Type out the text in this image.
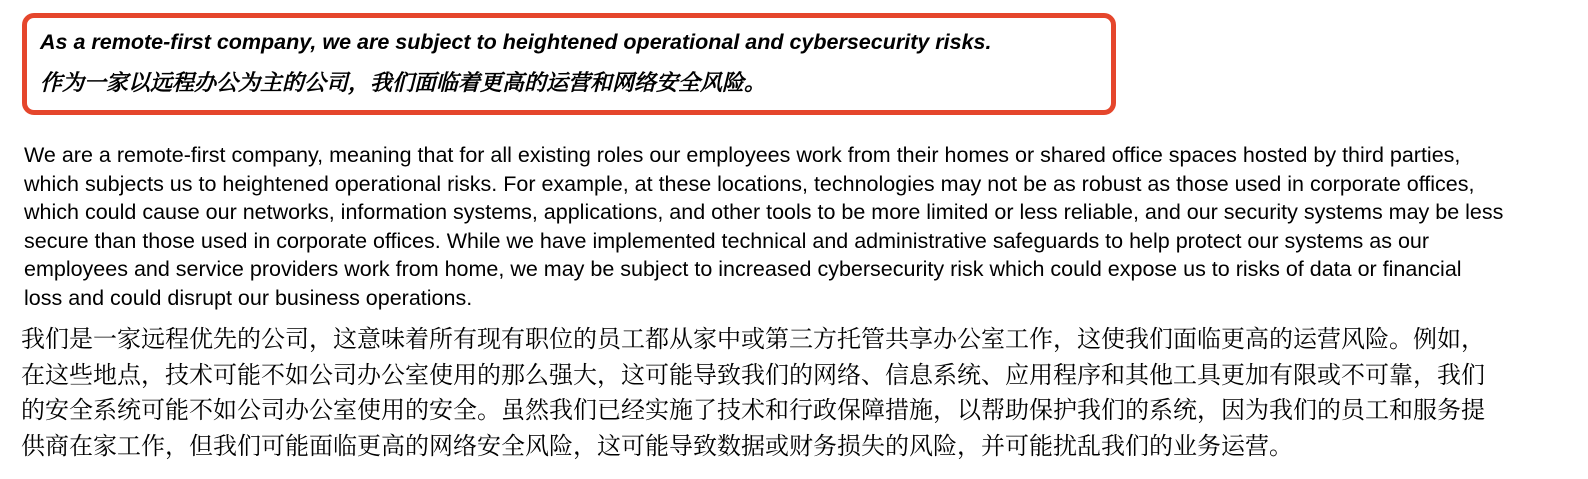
As a remote-first company, we are subject to heightened operational and cybersecurity risks.

作为一家以远程办公为主的公司，我们面临着更高的运营和网络安全风险。

We are a remote-first company, meaning that for all existing roles our employees work from their homes or shared office spaces hosted by third parties, which subjects us to heightened operational risks. For example, at these locations, technologies may not be as robust as those used in corporate offices, which could cause our networks, information systems, applications, and other tools to be more limited or less reliable, and our security systems may be less secure than those used in corporate offices. While we have implemented technical and administrative safeguards to help protect our systems as our employees and service providers work from home, we may be subject to increased cybersecurity risk which could expose us to risks of data or financial loss and could disrupt our business operations.

我们是一家远程优先的公司，这意味着所有现有职位的员工都从家中或第三方托管共享办公室工作，这使我们面临更高的运营风险。例如，在这些地点，技术可能不如公司办公室使用的那么强大，这可能导致我们的网络、信息系统、应用程序和其他工具更加有限或不可靠，我们的安全系统可能不如公司办公室使用的安全。虽然我们已经实施了技术和行政保障措施，以帮助保护我们的系统，因为我们的员工和服务提供商在家工作，但我们可能面临更高的网络安全风险，这可能导致数据或财务损失的风险，并可能扰乱我们的业务运营。
